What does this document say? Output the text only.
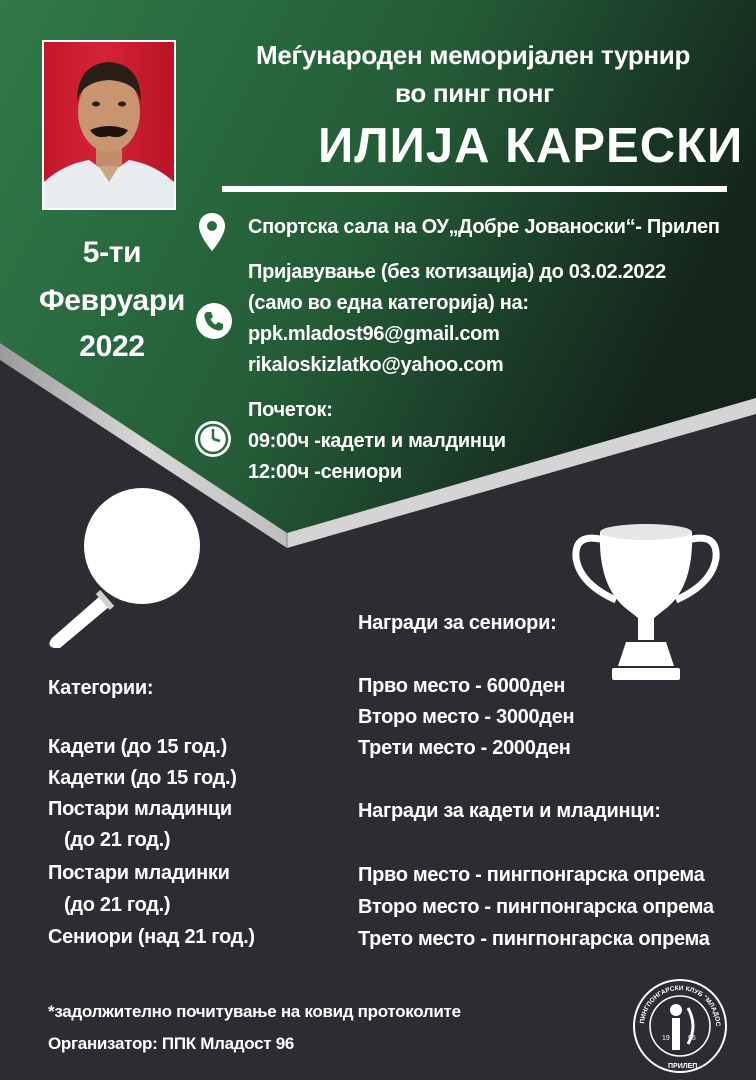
Меѓународен меморијален турнир
во пинг понг
ИЛИЈА КАРЕСКИ
5-ти
Февруари
2022
Спортска сала на ОУ„Добре Јованоски“- Прилеп
Пријавување (без котизација) до 03.02.2022
(само во една категорија) на:
ppk.mladost96@gmail.com
rikaloskizlatko@yahoo.com
Почеток:
09:00ч -кадети и малдинци
12:00ч -сениори
Категории:
Кадети (до 15 год.)
Кадетки (до 15 год.)
Постари младинци
(до 21 год.)
Постари младинки
(до 21 год.)
Сениори (над 21 год.)
Награди за сениори:
Прво место - 6000ден
Второ место - 3000ден
Трети место - 2000ден
Награди за кадети и младинци:
Прво место - пингпонгарска опрема
Второ место - пингпонгарска опрема
Трето место - пингпонгарска опрема
*задолжително почитување на ковид протоколите
Организатор: ППК Младост 96	19	96
ПИНГПОНГАРСКИ КЛУБ "МЛАДОС
ПРИЛЕП
